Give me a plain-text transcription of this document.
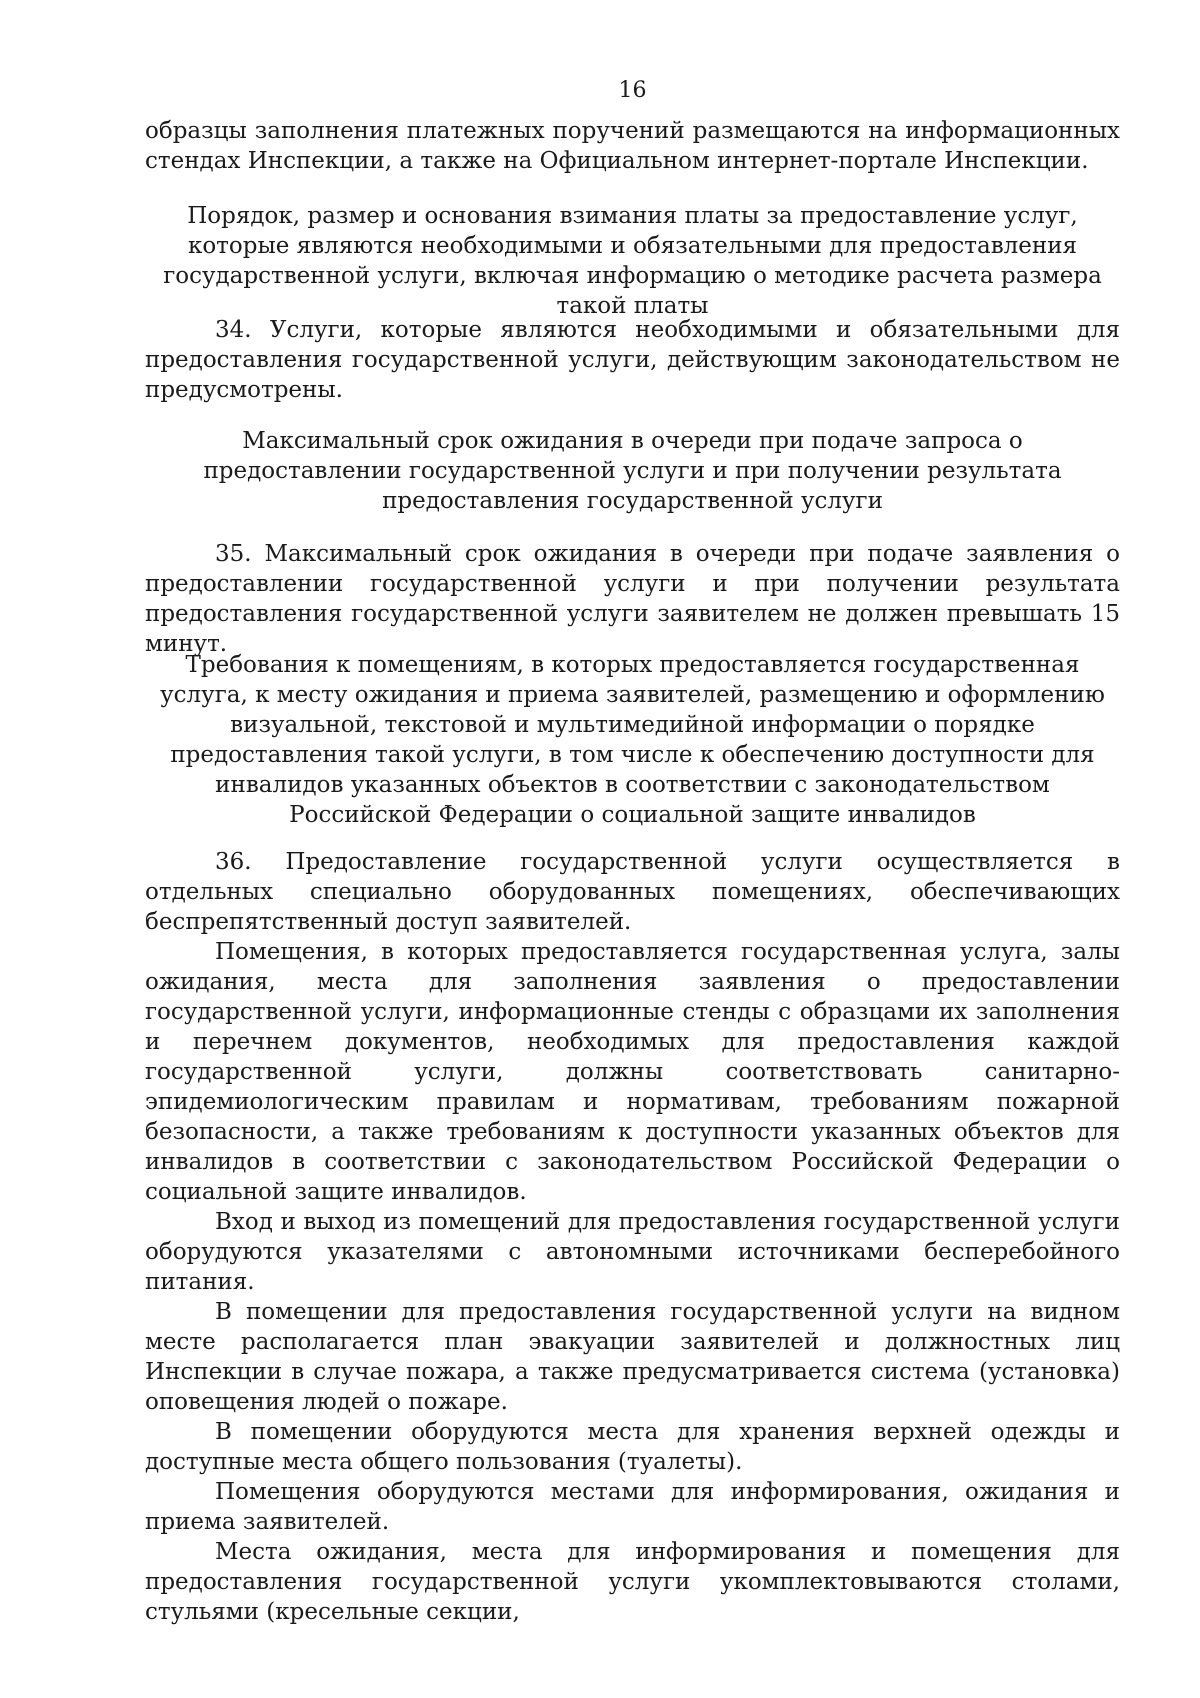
16

образцы заполнения платежных поручений размещаются на информационных стендах Инспекции, а также на Официальном интернет-портале Инспекции.

Порядок, размер и основания взимания платы за предоставление услуг, которые являются необходимыми и обязательными для предоставления государственной услуги, включая информацию о методике расчета размера такой платы

34. Услуги, которые являются необходимыми и обязательными для предоставления государственной услуги, действующим законодательством не предусмотрены.

Максимальный срок ожидания в очереди при подаче запроса о предоставлении государственной услуги и при получении результата предоставления государственной услуги

35. Максимальный срок ожидания в очереди при подаче заявления о предоставлении государственной услуги и при получении результата предоставления государственной услуги заявителем не должен превышать 15 минут.

Требования к помещениям, в которых предоставляется государственная услуга, к месту ожидания и приема заявителей, размещению и оформлению визуальной, текстовой и мультимедийной информации о порядке предоставления такой услуги, в том числе к обеспечению доступности для инвалидов указанных объектов в соответствии с законодательством Российской Федерации о социальной защите инвалидов

36. Предоставление государственной услуги осуществляется в отдельных специально оборудованных помещениях, обеспечивающих беспрепятственный доступ заявителей.

Помещения, в которых предоставляется государственная услуга, залы ожидания, места для заполнения заявления о предоставлении государственной услуги, информационные стенды с образцами их заполнения и перечнем документов, необходимых для предоставления каждой государственной услуги, должны соответствовать санитарно-эпидемиологическим правилам и нормативам, требованиям пожарной безопасности, а также требованиям к доступности указанных объектов для инвалидов в соответствии с законодательством Российской Федерации о социальной защите инвалидов.

Вход и выход из помещений для предоставления государственной услуги оборудуются указателями с автономными источниками бесперебойного питания.

В помещении для предоставления государственной услуги на видном месте располагается план эвакуации заявителей и должностных лиц Инспекции в случае пожара, а также предусматривается система (установка) оповещения людей о пожаре.

В помещении оборудуются места для хранения верхней одежды и доступные места общего пользования (туалеты).

Помещения оборудуются местами для информирования, ожидания и приема заявителей.

Места ожидания, места для информирования и помещения для предоставления государственной услуги укомплектовываются столами, стульями (кресельные секции,
